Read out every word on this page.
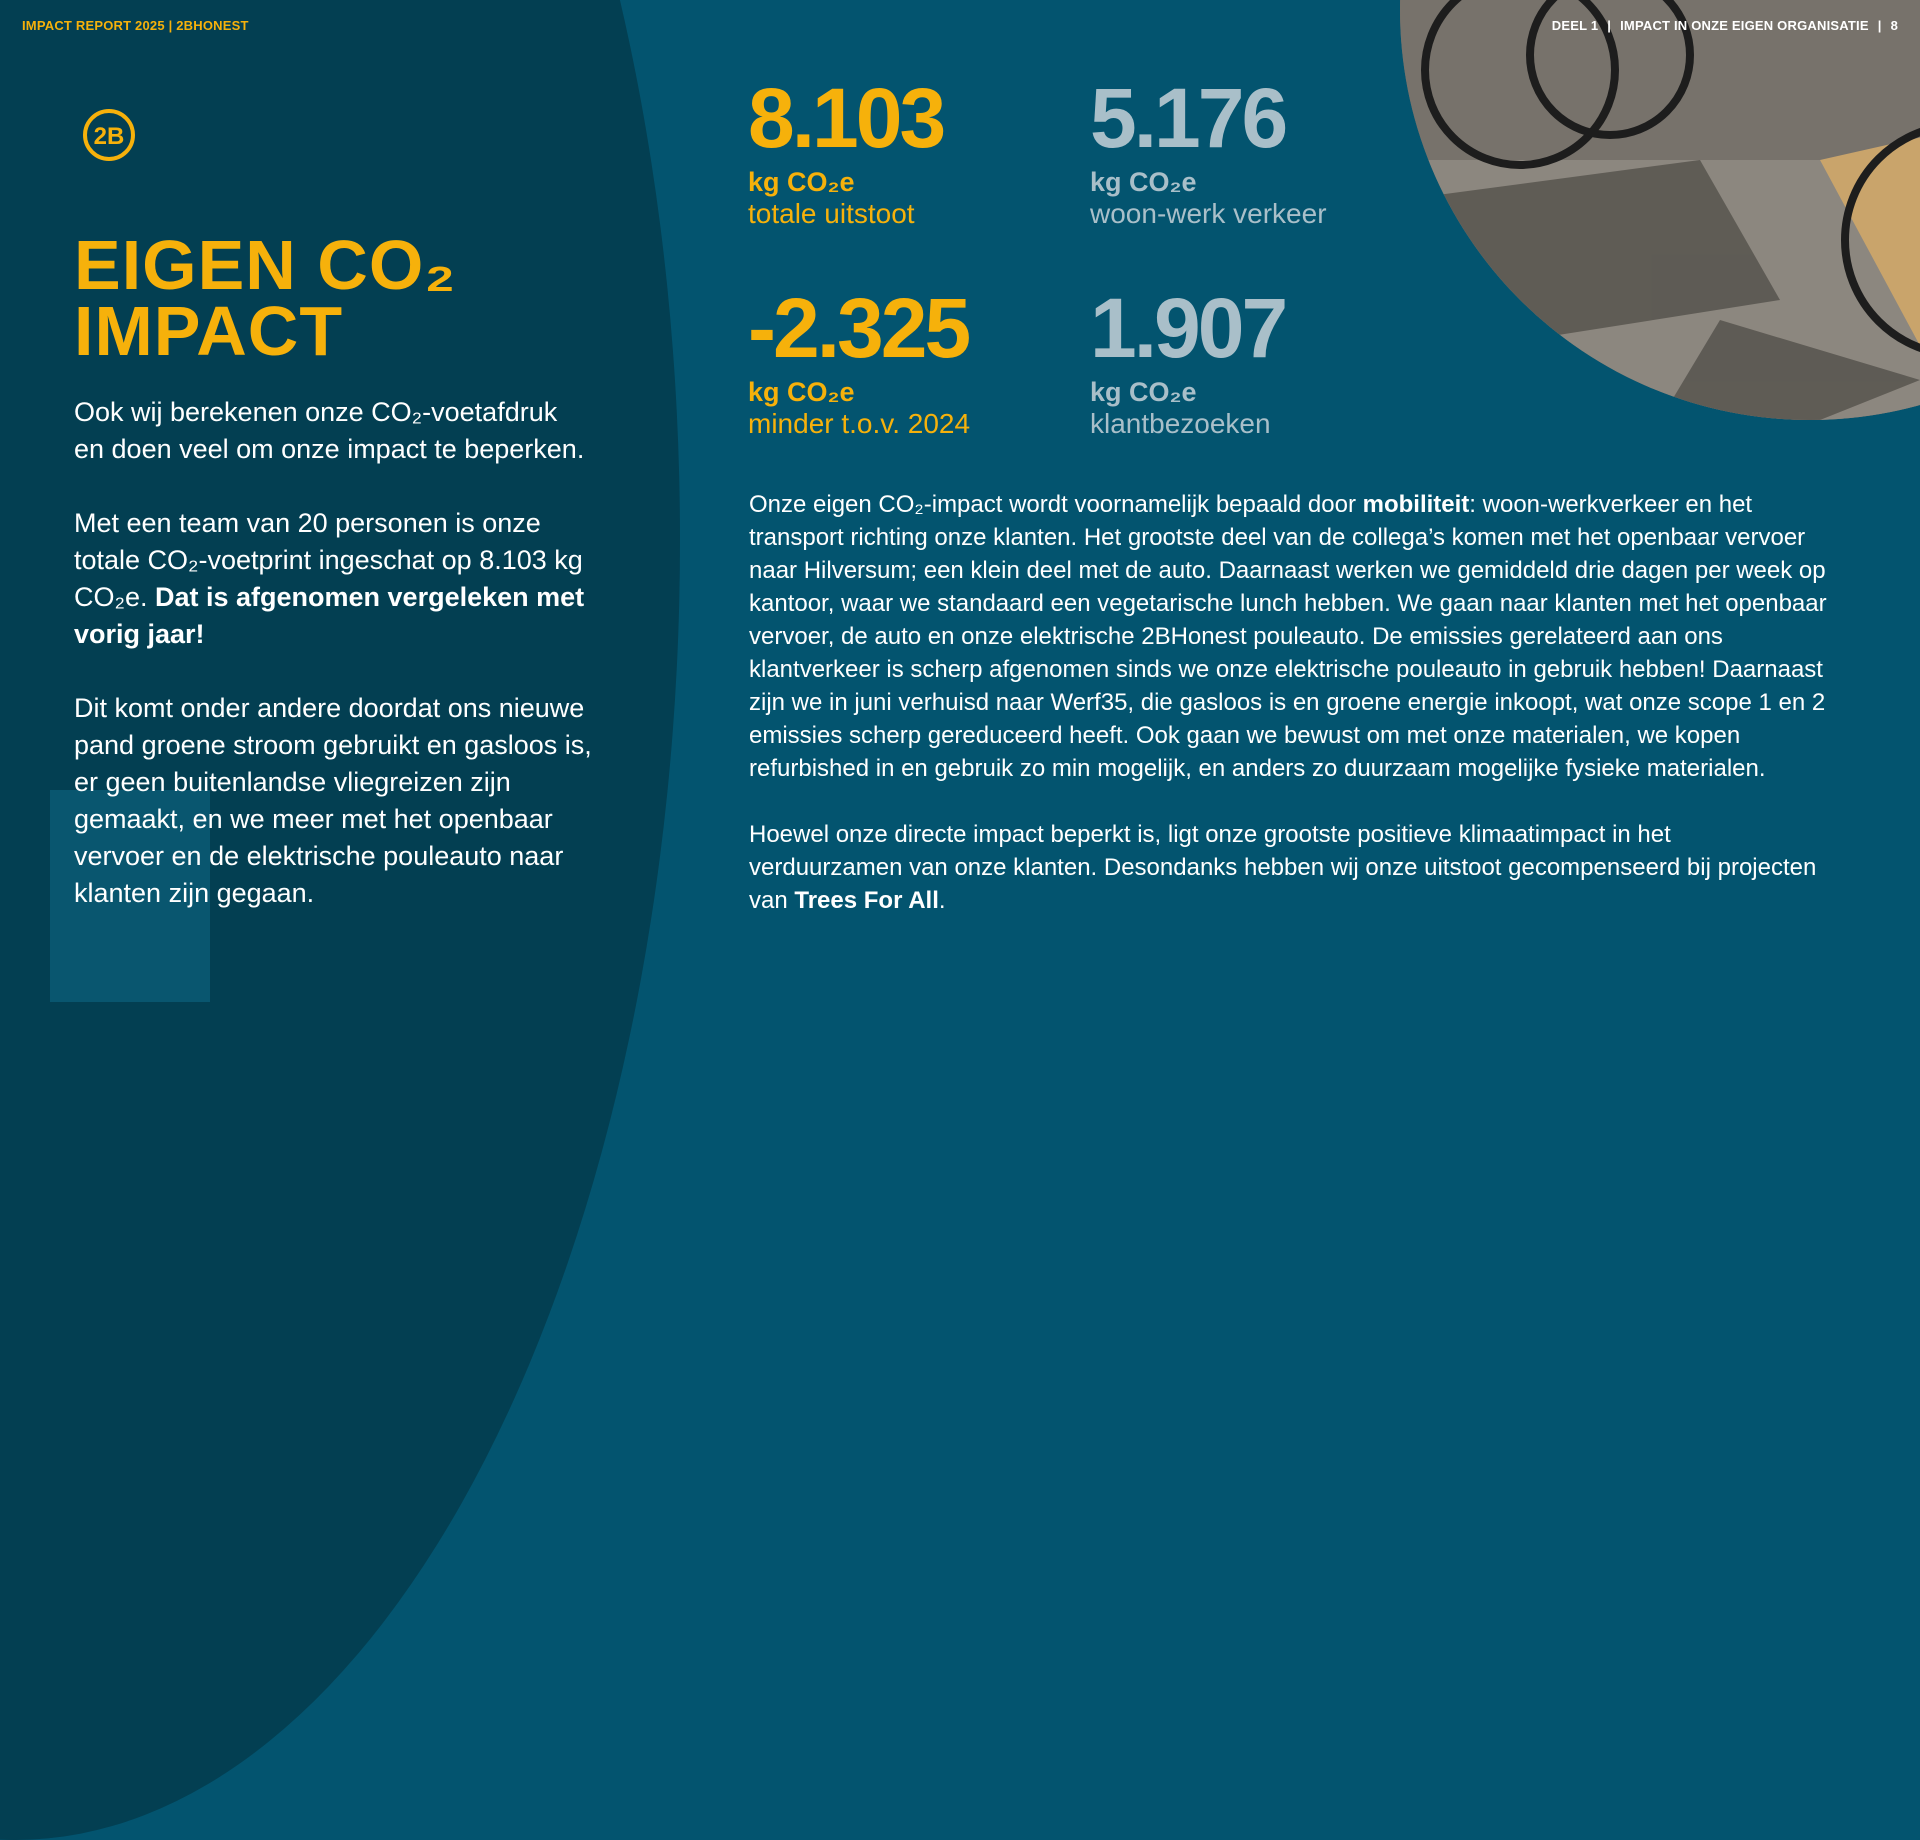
IMPACT REPORT 2025 | 2BHONEST	DEEL 1 | IMPACT IN ONZE EIGEN ORGANISATIE | 8
2B
EIGEN CO₂
IMPACT

Ook wij berekenen onze CO₂-voetafdruk en doen veel om onze impact te beperken.

Met een team van 20 personen is onze totale CO₂-voetprint ingeschat op 8.103 kg CO₂e. Dat is afgenomen vergeleken met vorig jaar!

Dit komt onder andere doordat ons nieuwe pand groene stroom gebruikt en gasloos is, er geen buitenlandse vliegreizen zijn gemaakt, en we meer met het openbaar vervoer en de elektrische pouleauto naar klanten zijn gegaan.

8.103
kg CO₂e
totale uitstoot
5.176
kg CO₂e
woon-werk verkeer
-2.325
kg CO₂e
minder t.o.v. 2024
1.907
kg CO₂e
klantbezoeken

Onze eigen CO₂-impact wordt voornamelijk bepaald door mobiliteit: woon-werkverkeer en het transport richting onze klanten. Het grootste deel van de collega’s komen met het openbaar vervoer naar Hilversum; een klein deel met de auto. Daarnaast werken we gemiddeld drie dagen per week op kantoor, waar we standaard een vegetarische lunch hebben. We gaan naar klanten met het openbaar vervoer, de auto en onze elektrische 2BHonest pouleauto. De emissies gerelateerd aan ons klantverkeer is scherp afgenomen sinds we onze elektrische pouleauto in gebruik hebben! Daarnaast zijn we in juni verhuisd naar Werf35, die gasloos is en groene energie inkoopt, wat onze scope 1 en 2 emissies scherp gereduceerd heeft. Ook gaan we bewust om met onze materialen, we kopen refurbished in en gebruik zo min mogelijk, en anders zo duurzaam mogelijke fysieke materialen.

Hoewel onze directe impact beperkt is, ligt onze grootste positieve klimaatimpact in het verduurzamen van onze klanten. Desondanks hebben wij onze uitstoot gecompenseerd bij projecten van Trees For All.
